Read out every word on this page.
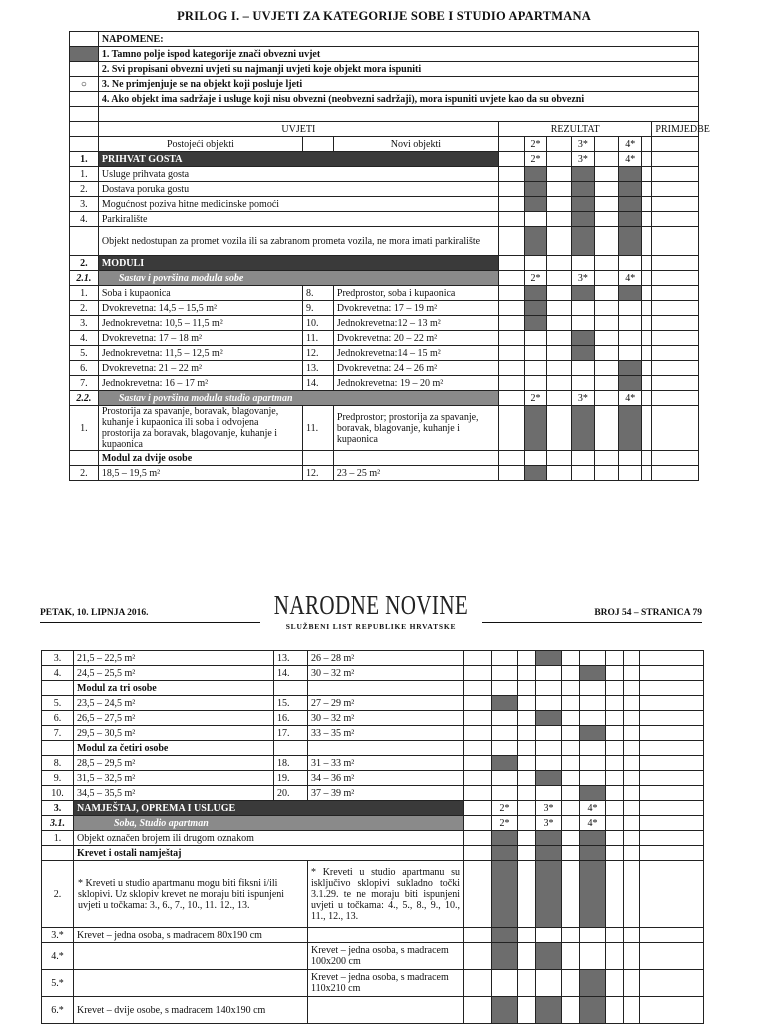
PRILOG I. – UVJETI ZA KATEGORIJE SOBE I STUDIO APARTMANA
	NAPOMENE:										
	1. Tamno polje ispod kategorije znači obvezni uvjet										
	2. Svi propisani obvezni uvjeti su najmanji uvjeti koje objekt mora ispuniti										
○	3. Ne primjenjuje se na objekt koji posluje ljeti										
	4. Ako objekt ima sadržaje i usluge koji nisu obvezni (neobvezni sadržaji), mora ispuniti uvjete kao da su obvezni										

	UVJETI			REZULTAT							PRIMJEDBE
	Postojeći objekti		Novi objekti		2*		3*		4*		
1.	PRIHVAT GOSTA				2*		3*		4*		
1.	Usluge prihvata gosta										
2.	Dostava poruka gostu										
3.	Mogućnost poziva hitne medicinske pomoći										
4.	Parkiralište										
	Objekt nedostupan za promet vozila ili sa zabranom prometa vozila, ne mora imati parkiralište										
2.	MODULI										
2.1.	Sastav i površina modula sobe				2*		3*		4*		
1.	Soba i kupaonica	8.	Predprostor, soba i kupaonica								
2.	Dvokrevetna: 14,5 – 15,5 m²	9.	Dvokrevetna: 17 – 19 m²								
3.	Jednokrevetna: 10,5 – 11,5 m²	10.	Jednokrevetna:12 – 13 m²								
4.	Dvokrevetna: 17 – 18 m²	11.	Dvokrevetna: 20 – 22 m²								
5.	Jednokrevetna: 11,5 – 12,5 m²	12.	Jednokrevetna:14 – 15 m²								
6.	Dvokrevetna: 21 – 22 m²	13.	Dvokrevetna: 24 – 26 m²								
7.	Jednokrevetna: 16 – 17 m²	14.	Jednokrevetna: 19 – 20 m²								
2.2.	Sastav i površina modula studio apartman				2*		3*		4*		
1.	Prostorija za spavanje, boravak, blagovanje, kuhanje i kupaonica ili soba i odvojena prostorija za boravak, blagovanje, kuhanje i kupaonica	11.	Predprostor; prostorija za spavanje, boravak, blagovanje, kuhanje i kupaonica								
	Modul za dvije osobe										
2.	18,5 – 19,5 m²	12.	23 – 25 m²								
PETAK, 10. LIPNJA 2016.	NARODNE NOVINE
SLUŽBENI LIST REPUBLIKE HRVATSKE
BROJ 54 – STRANICA 79
3.	21,5 – 22,5 m²	13.	26 – 28 m²									
4.	24,5 – 25,5 m²	14.	30 – 32 m²									
	Modul za tri osobe											
5.	23,5 – 24,5 m²	15.	27 – 29 m²									
6.	26,5 – 27,5 m²	16.	30 – 32 m²									
7.	29,5 – 30,5 m²	17.	33 – 35 m²									
	Modul za četiri osobe											
8.	28,5 – 29,5 m²	18.	31 – 33 m²									
9.	31,5 – 32,5 m²	19.	34 – 36 m²									
10.	34,5 – 35,5 m²	20.	37 – 39 m²									
3.	NAMJEŠTAJ, OPREMA I USLUGE				2*		3*		4*			
3.1.	Soba, Studio apartman				2*		3*		4*			
1.	Objekt označen brojem ili drugom oznakom											
	Krevet i ostali namještaj											
2.	* Kreveti u studio apartmanu mogu biti fiksni i/ili sklopivi. Uz sklopiv krevet ne moraju biti ispunjeni uvjeti u točkama: 3., 6., 7., 10., 11. 12., 13.		* Kreveti u studio apartmanu su isključivo sklopivi sukladno točki 3.1.29. te ne moraju biti ispunjeni uvjeti u točkama: 4., 5., 8., 9., 10., 11., 12., 13.									
3.*	Krevet – jedna osoba, s madracem 80x190 cm											
4.*			Krevet – jedna osoba, s madracem 100x200 cm									
5.*			Krevet – jedna osoba, s madracem 110x210 cm									
6.*	Krevet – dvije osobe, s madracem 140x190 cm											
